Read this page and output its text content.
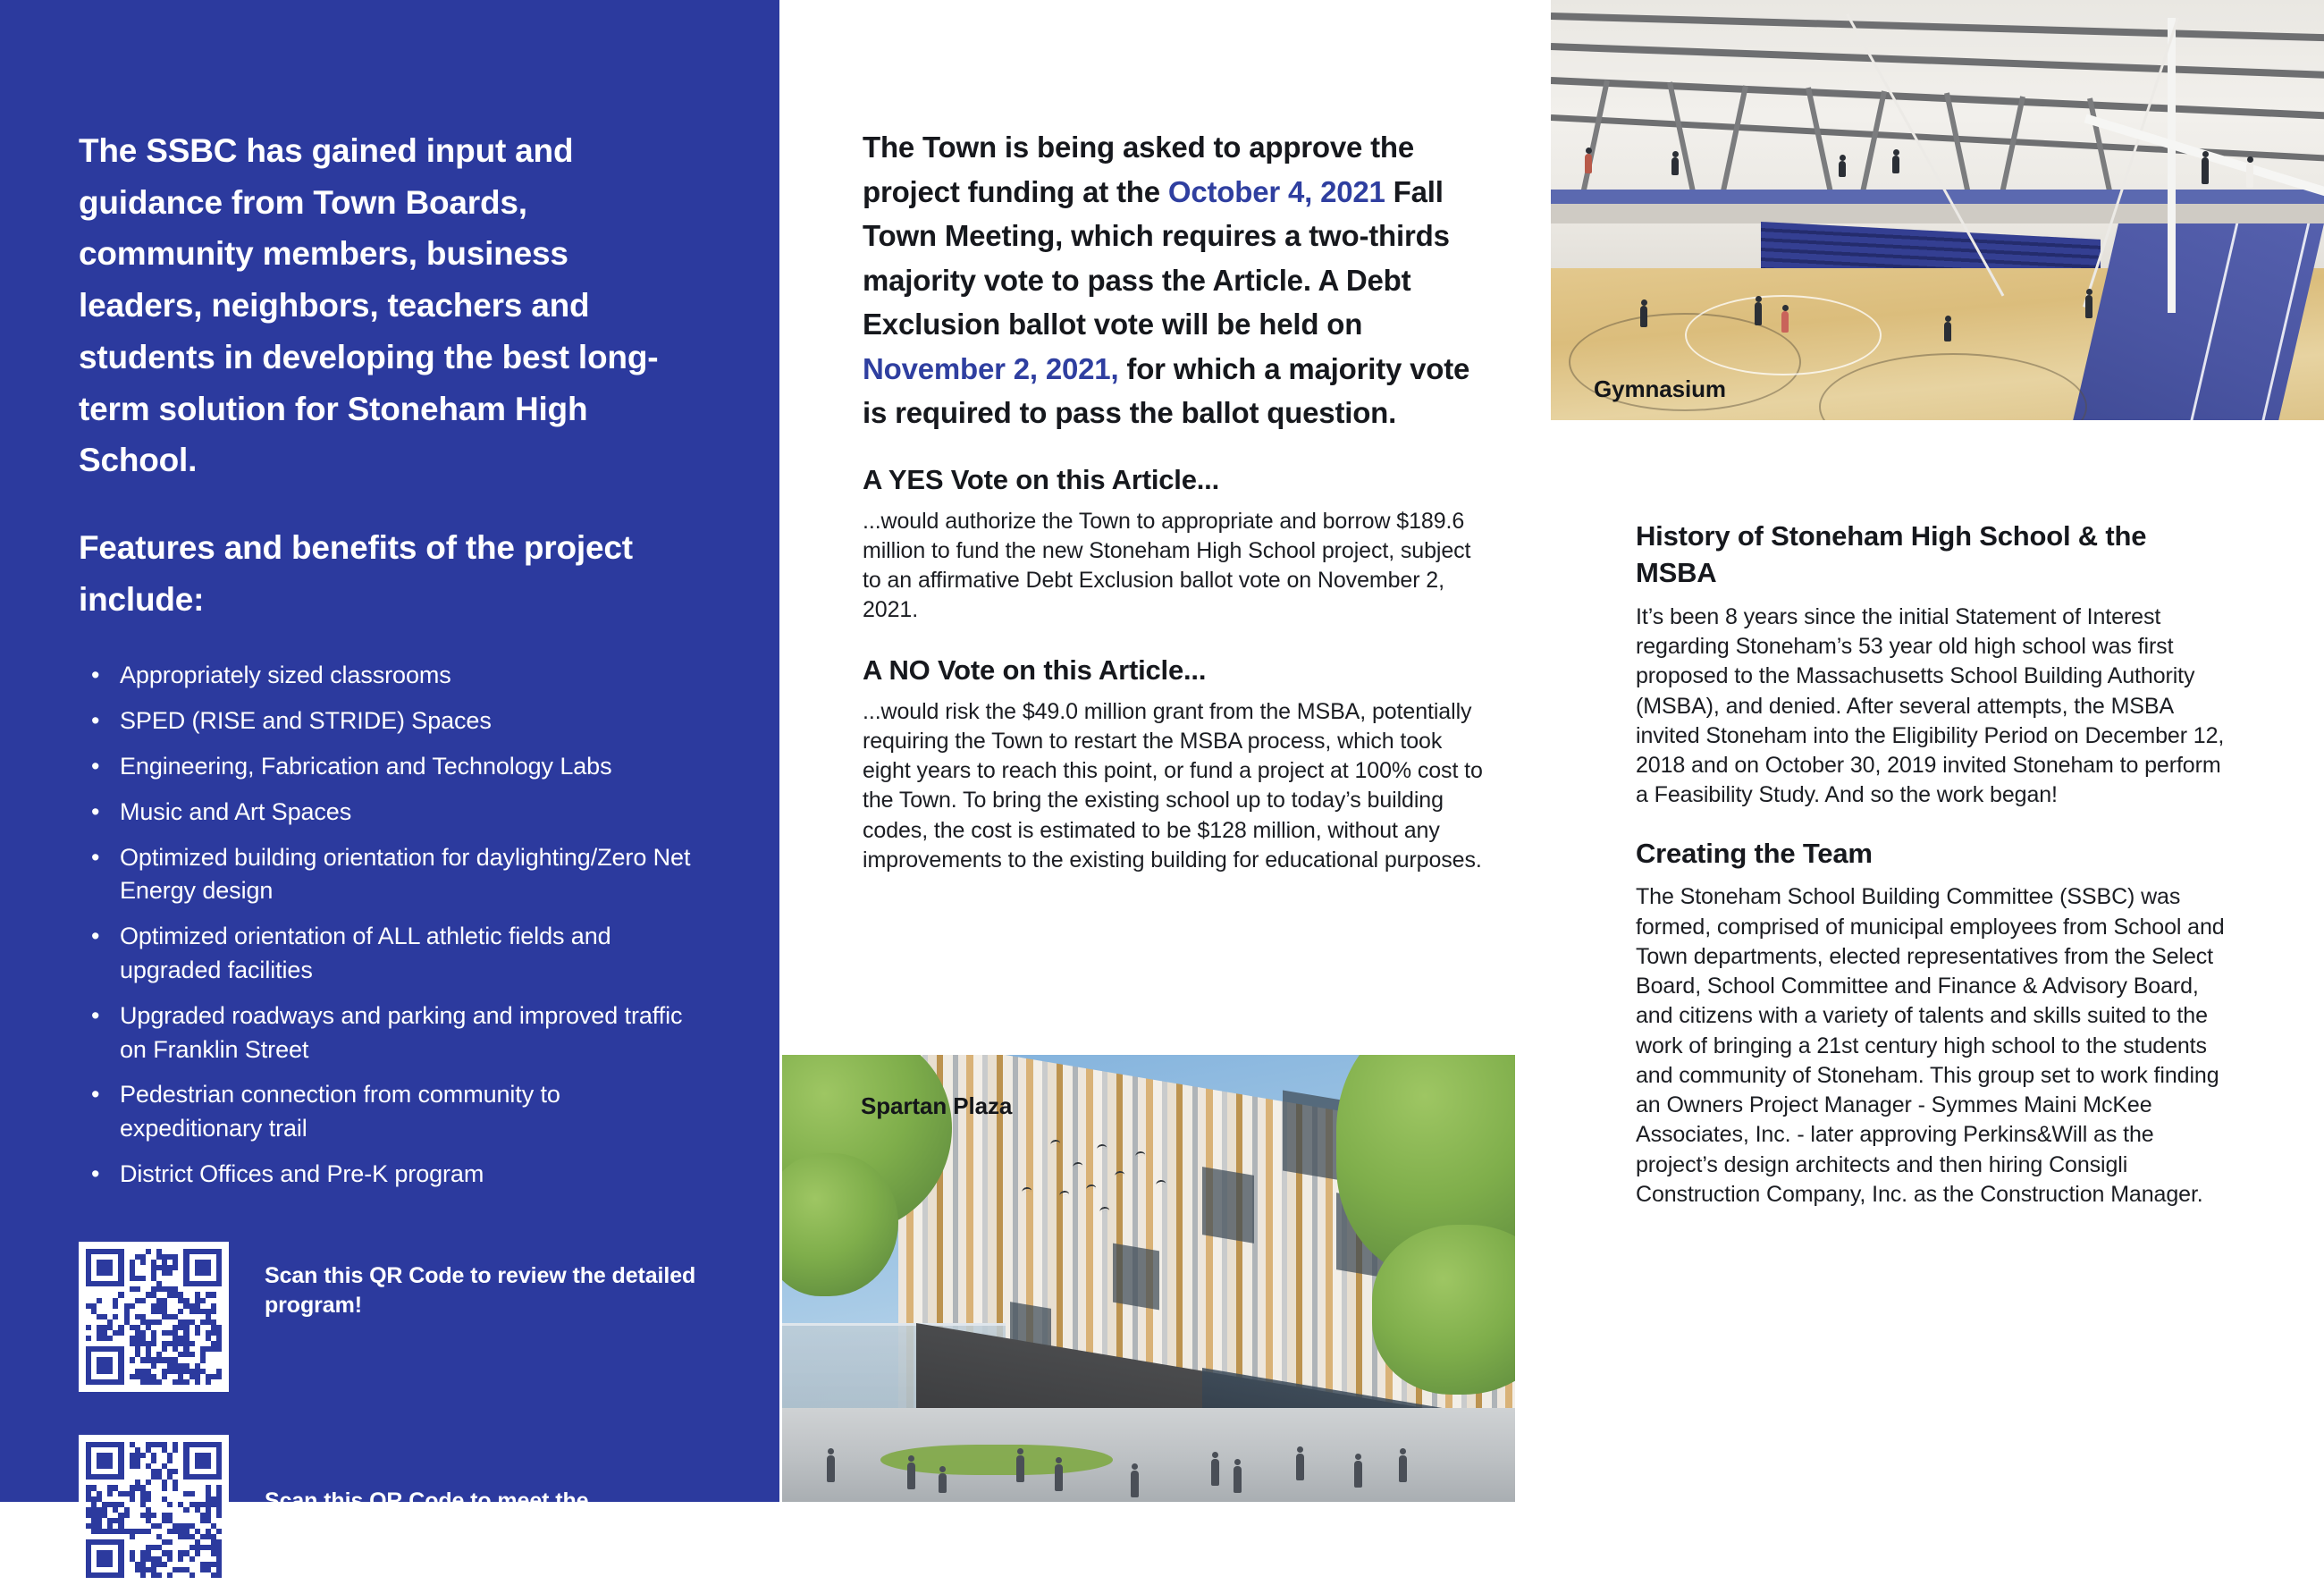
The SSBC has gained input and guidance from Town Boards, community members, business leaders, neighbors, teachers and students in developing the best long-term solution for Stoneham High School.
Features and benefits of the project include:
• Appropriately sized classrooms
• SPED (RISE and STRIDE) Spaces
• Engineering, Fabrication and Technology Labs
• Music and Art Spaces
• Optimized building orientation for daylighting/Zero Net Energy design
• Optimized orientation of ALL athletic fields and upgraded facilities
• Upgraded roadways and parking and improved traffic on Franklin Street
• Pedestrian connection from community to expeditionary trail
• District Offices and Pre-K program
Scan this QR Code to review the detailed program!
Scan this QR Code to meet the Stoneham School Building Committee members!
The Town is being asked to approve the project funding at the October 4, 2021 Fall Town Meeting, which requires a two-thirds majority vote to pass the Article. A Debt Exclusion ballot vote will be held on November 2, 2021, for which a majority vote is required to pass the ballot question.
A YES Vote on this Article...

...would authorize the Town to appropriate and borrow $189.6 million to fund the new Stoneham High School project, subject to an affirmative Debt Exclusion ballot vote on November 2, 2021.

A NO Vote on this Article...

...would risk the $49.0 million grant from the MSBA, potentially requiring the Town to restart the MSBA process, which took eight years to reach this point, or fund a project at 100% cost to the Town. To bring the existing school up to today’s building codes, the cost is estimated to be $128 million, without any improvements to the existing building for educational purposes.

Spartan Plaza
Gymnasium
History of Stoneham High School & the MSBA
It’s been 8 years since the initial Statement of Interest regarding Stoneham’s 53 year old high school was first proposed to the Massachusetts School Building Authority (MSBA), and denied. After several attempts, the MSBA invited Stoneham into the Eligibility Period on December 12, 2018 and on October 30, 2019 invited Stoneham to perform a Feasibility Study. And so the work began!
Creating the Team
The Stoneham School Building Committee (SSBC) was formed, comprised of municipal employees from School and Town departments, elected representatives from the Select Board, School Committee and Finance & Advisory Board, and citizens with a variety of talents and skills suited to the work of bringing a 21st century high school to the students and community of Stoneham. This group set to work finding an Owners Project Manager - Symmes Maini McKee Associates, Inc. - later approving Perkins&Will as the project’s design architects and then hiring Consigli Construction Company, Inc. as the Construction Manager.
